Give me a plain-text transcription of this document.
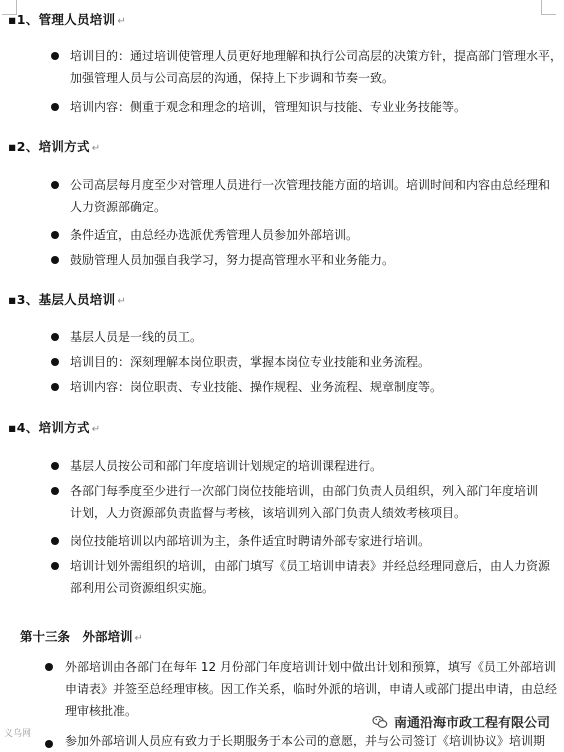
▪1、管理人员培训 ↵
培训目的：通过培训使管理人员更好地理解和执行公司高层的决策方针，提高部门管理水平，
加强管理人员与公司高层的沟通，保持上下步调和节奏一致。
培训内容：侧重于观念和理念的培训，管理知识与技能、专业业务技能等。
▪2、培训方式 ↵
公司高层每月度至少对管理人员进行一次管理技能方面的培训。培训时间和内容由总经理和
人力资源部确定。
条件适宜，由总经办选派优秀管理人员参加外部培训。
鼓励管理人员加强自我学习，努力提高管理水平和业务能力。
▪3、基层人员培训 ↵
基层人员是一线的员工。
培训目的：深刻理解本岗位职责，掌握本岗位专业技能和业务流程。
培训内容：岗位职责、专业技能、操作规程、业务流程、规章制度等。
▪4、培训方式 ↵
基层人员按公司和部门年度培训计划规定的培训课程进行。
各部门每季度至少进行一次部门岗位技能培训，由部门负责人员组织，列入部门年度培训
计划，人力资源部负责监督与考核，该培训列入部门负责人绩效考核项目。
岗位技能培训以内部培训为主，条件适宜时聘请外部专家进行培训。
培训计划外需组织的培训，由部门填写《员工培训申请表》并经总经理同意后，由人力资源
部利用公司资源组织实施。
第十三条　外部培训 ↵
外部培训由各部门在每年 12 月份部门年度培训计划中做出计划和预算，填写《员工外部培训
申请表》并签至总经理审核。因工作关系，临时外派的培训，申请人或部门提出申请，由总经
理审核批准。
参加外部培训人员应有致力于长期服务于本公司的意愿，并与公司签订《培训协议》培训期
南通沿海市政工程有限公司
义乌网
